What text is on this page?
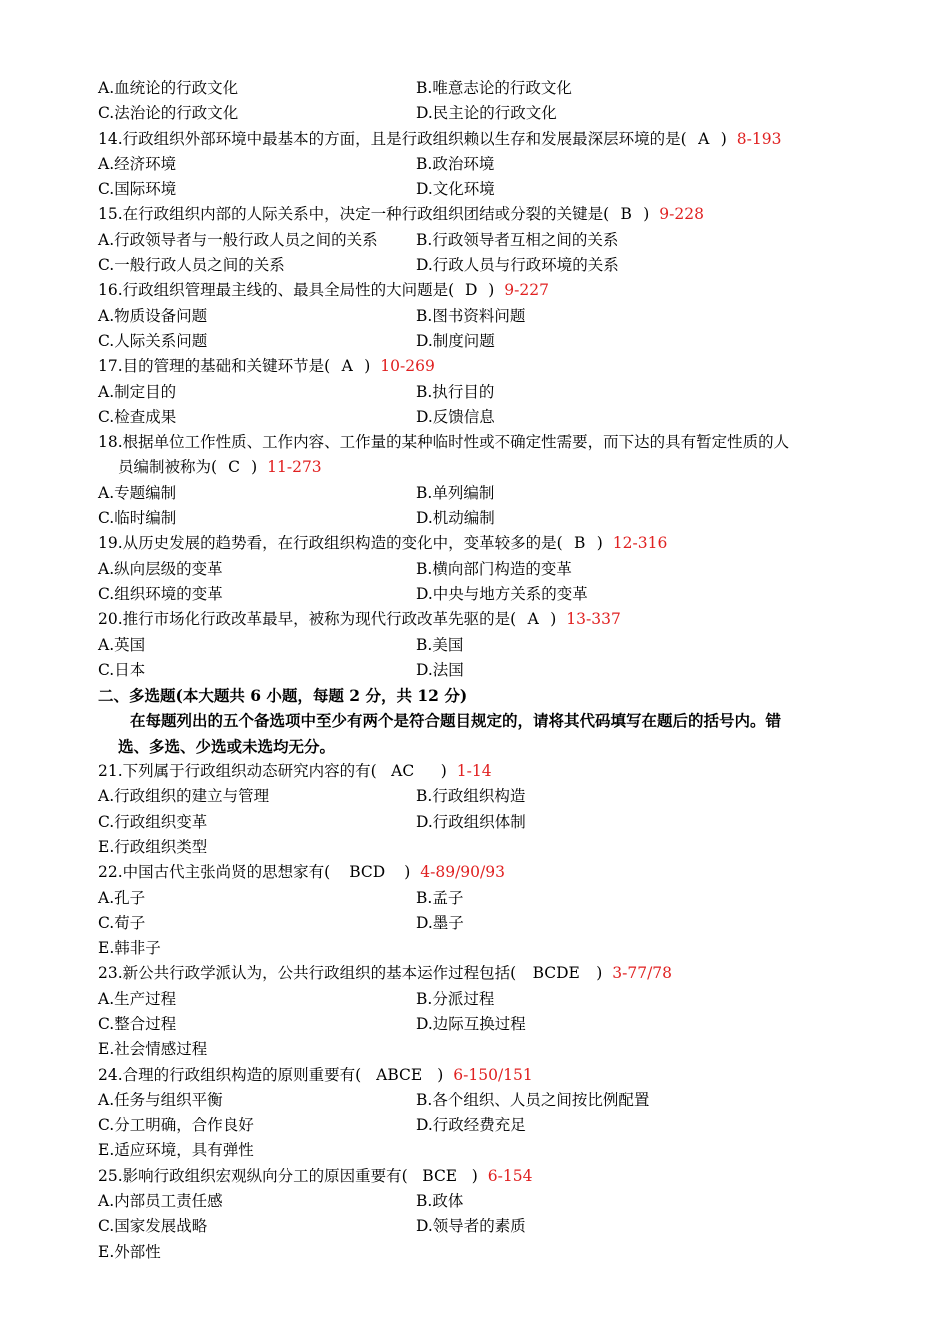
A.血统论的行政文化	B.唯意志论的行政文化
C.法治论的行政文化	D.民主论的行政文化
14.行政组织外部环境中最基本的方面，且是行政组织赖以生存和发展最深层环境的是( A ) 8-193
A.经济环境	B.政治环境
C.国际环境	D.文化环境
15.在行政组织内部的人际关系中，决定一种行政组织团结或分裂的关键是( B ) 9-228
A.行政领导者与一般行政人员之间的关系	B.行政领导者互相之间的关系
C.一般行政人员之间的关系	D.行政人员与行政环境的关系
16.行政组织管理最主线的、最具全局性的大问题是( D ) 9-227
A.物质设备问题	B.图书资料问题
C.人际关系问题	D.制度问题
17.目的管理的基础和关键环节是( A ) 10-269
A.制定目的	B.执行目的
C.检查成果	D.反馈信息
18.根据单位工作性质、工作内容、工作量的某种临时性或不确定性需要，而下达的具有暂定性质的人
员编制被称为( C ) 11-273
A.专题编制	B.单列编制
C.临时编制	D.机动编制
19.从历史发展的趋势看，在行政组织构造的变化中，变革较多的是( B ) 12-316
A.纵向层级的变革	B.横向部门构造的变革
C.组织环境的变革	D.中央与地方关系的变革
20.推行市场化行政改革最早，被称为现代行政改革先驱的是( A ) 13-337
A.英国	B.美国
C.日本	D.法国
二、多选题(本大题共 6 小题，每题 2 分，共 12 分)
在每题列出的五个备选项中至少有两个是符合题目规定的，请将其代码填写在题后的括号内。错
选、多选、少选或未选均无分。
21.下列属于行政组织动态研究内容的有( AC ) 1-14
A.行政组织的建立与管理	B.行政组织构造
C.行政组织变革	D.行政组织体制
E.行政组织类型
22.中国古代主张尚贤的思想家有( BCD ) 4-89/90/93
A.孔子	B.孟子
C.荀子	D.墨子
E.韩非子
23.新公共行政学派认为，公共行政组织的基本运作过程包括( BCDE ) 3-77/78
A.生产过程	B.分派过程
C.整合过程	D.边际互换过程
E.社会情感过程
24.合理的行政组织构造的原则重要有( ABCE ) 6-150/151
A.任务与组织平衡	B.各个组织、人员之间按比例配置
C.分工明确，合作良好	D.行政经费充足
E.适应环境，具有弹性
25.影响行政组织宏观纵向分工的原因重要有( BCE ) 6-154
A.内部员工责任感	B.政体
C.国家发展战略	D.领导者的素质
E.外部性
